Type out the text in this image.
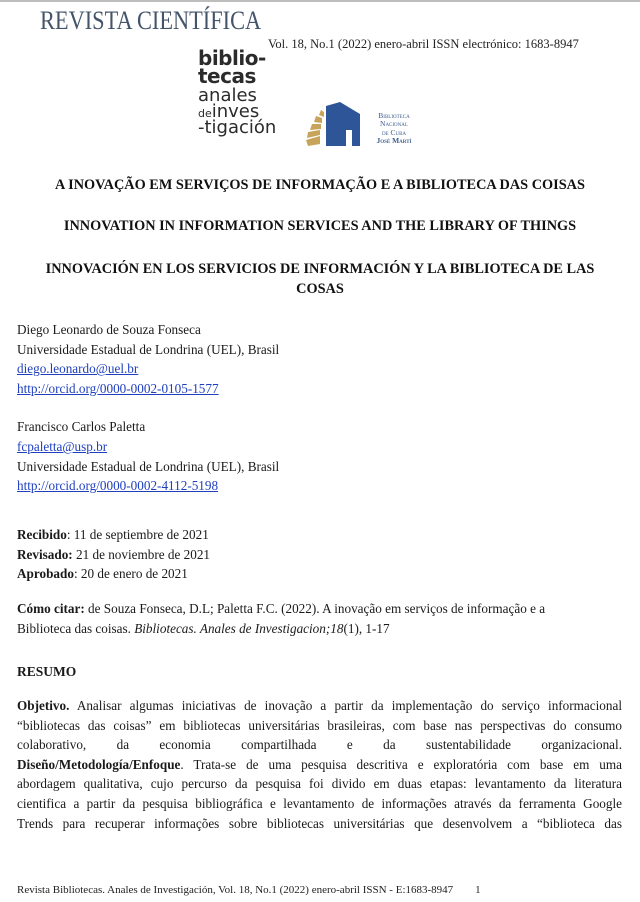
REVISTA CIENTÍFICA
Vol. 18, No.1 (2022) enero-abril ISSN electrónico: 1683-8947
biblio-
tecas
anales
deinves
-tigación
Biblioteca
Nacional
de Cuba
José Martí
A INOVAÇÃO EM SERVIÇOS DE INFORMAÇÃO E A BIBLIOTECA DAS COISAS
INNOVATION IN INFORMATION SERVICES AND THE LIBRARY OF THINGS
INNOVACIÓN EN LOS SERVICIOS DE INFORMACIÓN Y LA BIBLIOTECA DE LAS
COSAS
Diego Leonardo de Souza Fonseca
Universidade Estadual de Londrina (UEL), Brasil
diego.leonardo@uel.br
http://orcid.org/0000-0002-0105-1577
Francisco Carlos Paletta
fcpaletta@usp.br
Universidade Estadual de Londrina (UEL), Brasil
http://orcid.org/0000-0002-4112-5198
Recibido: 11 de septiembre de 2021
Revisado: 21 de noviembre de 2021
Aprobado: 20 de enero de 2021
Cómo citar: de Souza Fonseca, D.L; Paletta F.C. (2022). A inovação em serviços de informação e a
Biblioteca das coisas. Bibliotecas. Anales de Investigacion;18(1), 1-17
RESUMO
Objetivo. Analisar algumas iniciativas de inovação a partir da implementação do serviço informacional
“bibliotecas das coisas” em bibliotecas universitárias brasileiras, com base nas perspectivas do consumo
colaborativo, da economia compartilhada e da sustentabilidade organizacional.
Diseño/Metodología/Enfoque. Trata-se de uma pesquisa descritiva e exploratória com base em uma
abordagem qualitativa, cujo percurso da pesquisa foi divido em duas etapas: levantamento da literatura
cientifica a partir da pesquisa bibliográfica e levantamento de informações através da ferramenta Google
Trends para recuperar informações sobre bibliotecas universitárias que desenvolvem a “biblioteca das
Revista Bibliotecas. Anales de Investigación, Vol. 18, No.1 (2022) enero-abril ISSN - E:1683-8947 1
